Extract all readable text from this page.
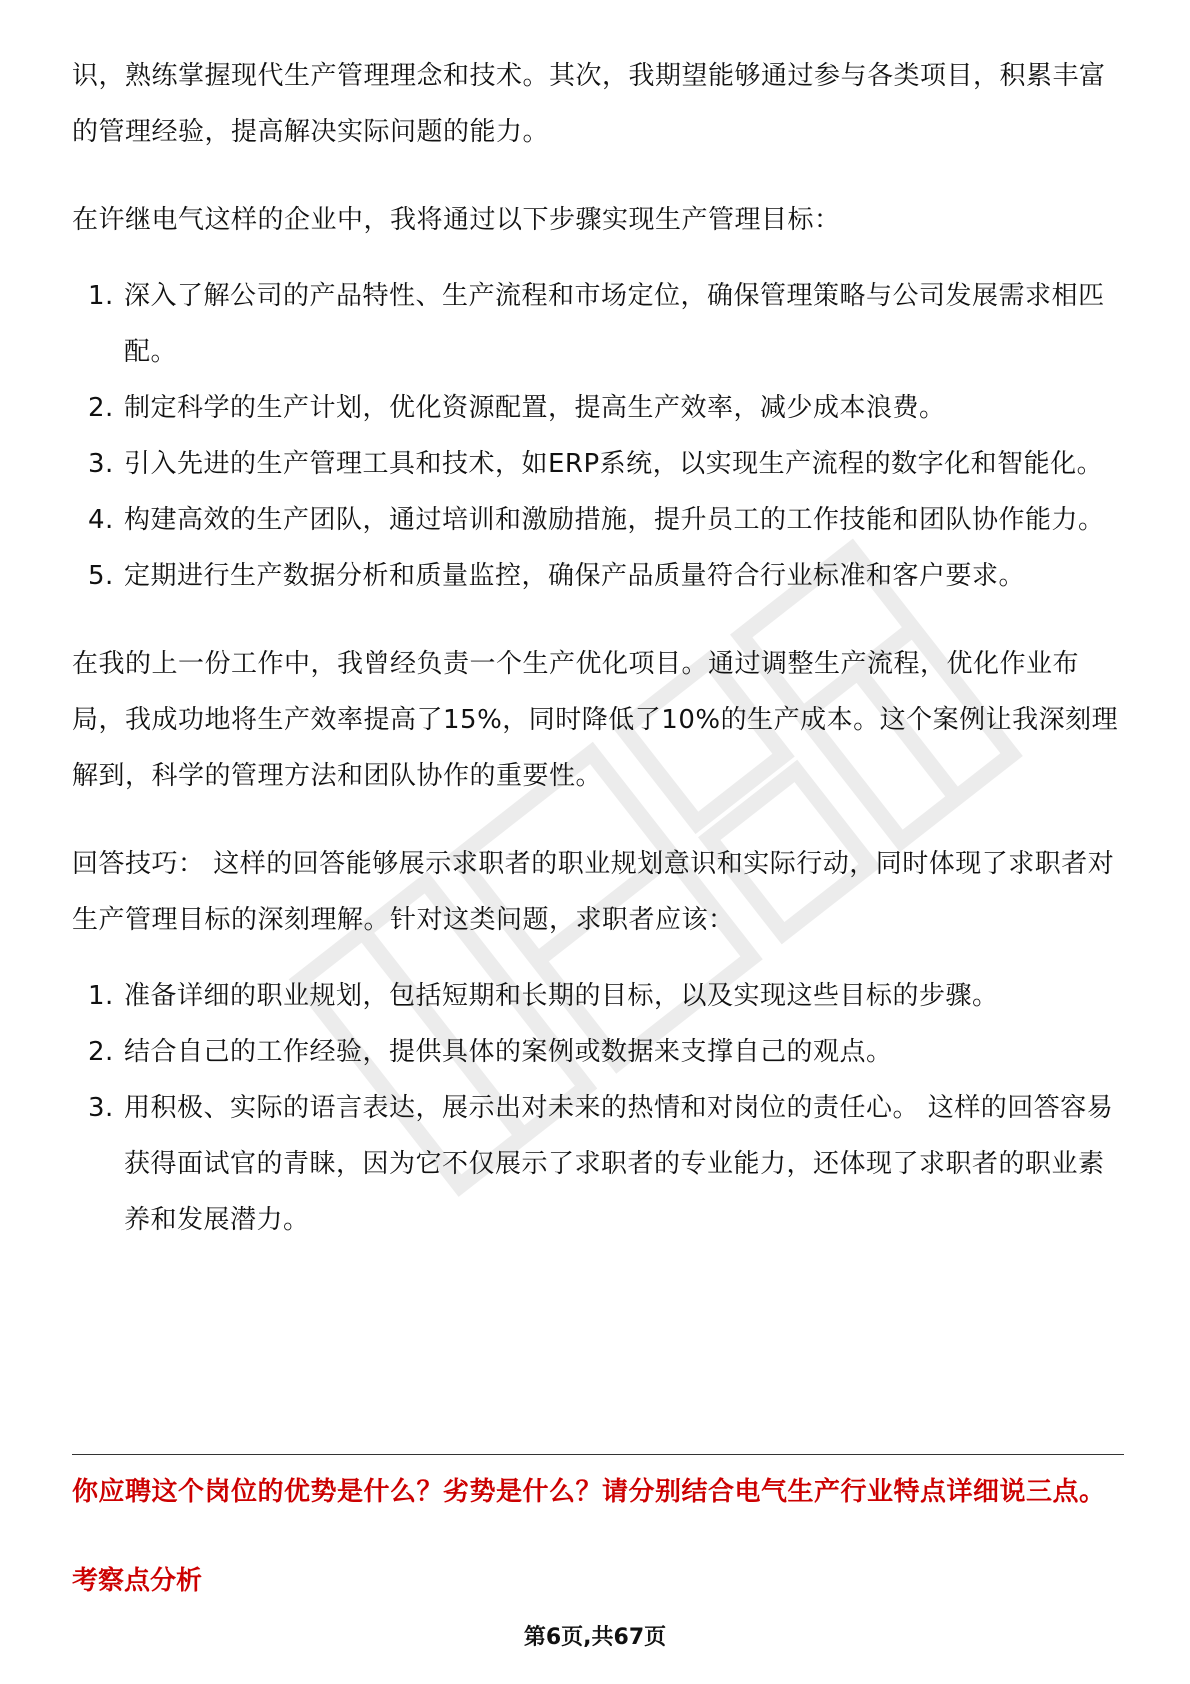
识，熟练掌握现代生产管理理念和技术。其次，我期望能够通过参与各类项目，积累丰富的管理经验，提高解决实际问题的能力。

在许继电气这样的企业中，我将通过以下步骤实现生产管理目标：

1. 深入了解公司的产品特性、生产流程和市场定位，确保管理策略与公司发展需求相匹配。
2. 制定科学的生产计划，优化资源配置，提高生产效率，减少成本浪费。
3. 引入先进的生产管理工具和技术，如ERP系统，以实现生产流程的数字化和智能化。
4. 构建高效的生产团队，通过培训和激励措施，提升员工的工作技能和团队协作能力。
5. 定期进行生产数据分析和质量监控，确保产品质量符合行业标准和客户要求。

在我的上一份工作中，我曾经负责一个生产优化项目。通过调整生产流程，优化作业布局，我成功地将生产效率提高了15%，同时降低了10%的生产成本。这个案例让我深刻理解到，科学的管理方法和团队协作的重要性。

回答技巧： 这样的回答能够展示求职者的职业规划意识和实际行动，同时体现了求职者对生产管理目标的深刻理解。针对这类问题，求职者应该：

1. 准备详细的职业规划，包括短期和长期的目标，以及实现这些目标的步骤。
2. 结合自己的工作经验，提供具体的案例或数据来支撑自己的观点。
3. 用积极、实际的语言表达，展示出对未来的热情和对岗位的责任心。 这样的回答容易获得面试官的青睐，因为它不仅展示了求职者的专业能力，还体现了求职者的职业素养和发展潜力。
你应聘这个岗位的优势是什么？劣势是什么？请分别结合电气生产行业特点详细说三点。
考察点分析
第6页,共67页
